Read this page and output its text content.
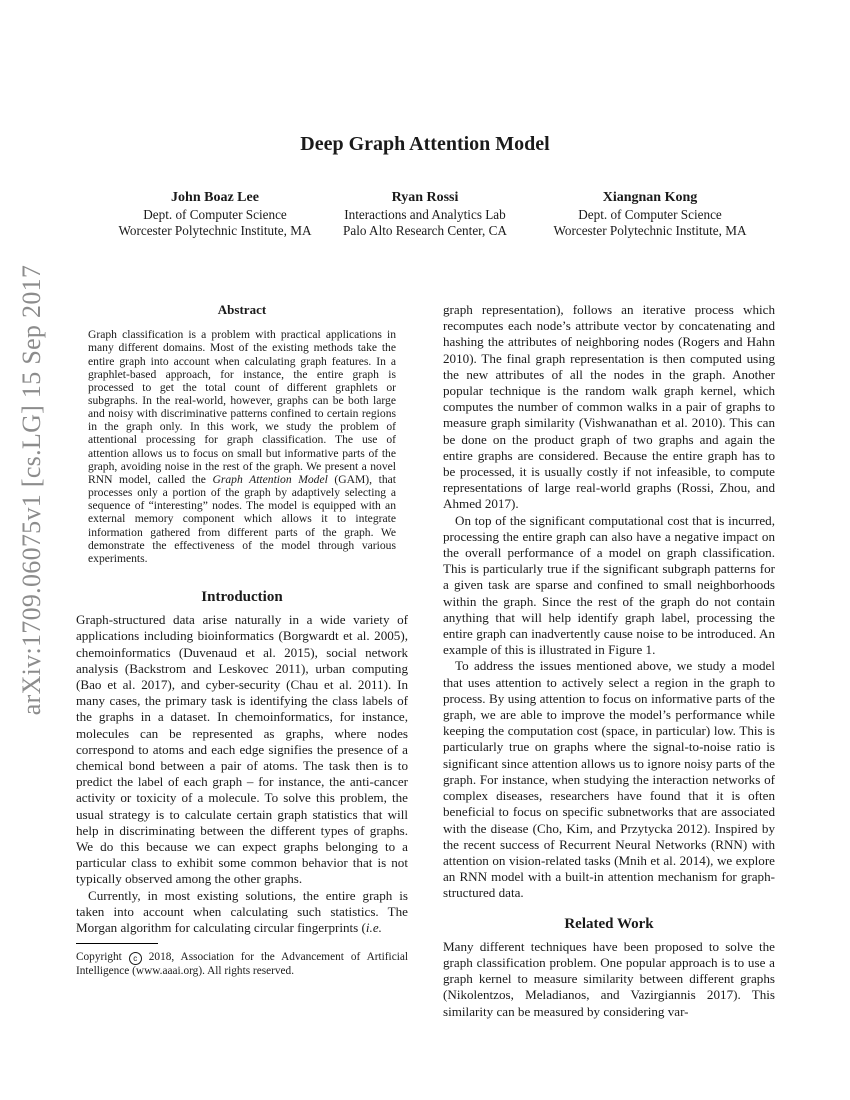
arXiv:1709.06075v1 [cs.LG] 15 Sep 2017
Deep Graph Attention Model
John Boaz Lee
Dept. of Computer Science
Worcester Polytechnic Institute, MA
Ryan Rossi
Interactions and Analytics Lab
Palo Alto Research Center, CA
Xiangnan Kong
Dept. of Computer Science
Worcester Polytechnic Institute, MA
Abstract

Graph classification is a problem with practical applications in many different domains. Most of the existing methods take the entire graph into account when calculating graph features. In a graphlet-based approach, for instance, the entire graph is processed to get the total count of different graphlets or subgraphs. In the real-world, however, graphs can be both large and noisy with discriminative patterns confined to certain regions in the graph only. In this work, we study the problem of attentional processing for graph classification. The use of attention allows us to focus on small but informative parts of the graph, avoiding noise in the rest of the graph. We present a novel RNN model, called the Graph Attention Model (GAM), that processes only a portion of the graph by adaptively selecting a sequence of “interesting” nodes. The model is equipped with an external memory component which allows it to integrate information gathered from different parts of the graph. We demonstrate the effectiveness of the model through various experiments.

Introduction

Graph-structured data arise naturally in a wide variety of applications including bioinformatics (Borgwardt et al. 2005), chemoinformatics (Duvenaud et al. 2015), social network analysis (Backstrom and Leskovec 2011), urban computing (Bao et al. 2017), and cyber-security (Chau et al. 2011). In many cases, the primary task is identifying the class labels of the graphs in a dataset. In chemoinformatics, for instance, molecules can be represented as graphs, where nodes correspond to atoms and each edge signifies the presence of a chemical bond between a pair of atoms. The task then is to predict the label of each graph – for instance, the anti-cancer activity or toxicity of a molecule. To solve this problem, the usual strategy is to calculate certain graph statistics that will help in discriminating between the different types of graphs. We do this because we can expect graphs belonging to a particular class to exhibit some common behavior that is not typically observed among the other graphs.

Currently, in most existing solutions, the entire graph is taken into account when calculating such statistics. The Morgan algorithm for calculating circular fingerprints (i.e.

Copyright c 2018, Association for the Advancement of Artificial Intelligence (www.aaai.org). All rights reserved.

graph representation), follows an iterative process which recomputes each node’s attribute vector by concatenating and hashing the attributes of neighboring nodes (Rogers and Hahn 2010). The final graph representation is then computed using the new attributes of all the nodes in the graph. Another popular technique is the random walk graph kernel, which computes the number of common walks in a pair of graphs to measure graph similarity (Vishwanathan et al. 2010). This can be done on the product graph of two graphs and again the entire graphs are considered. Because the entire graph has to be processed, it is usually costly if not infeasible, to compute representations of large real-world graphs (Rossi, Zhou, and Ahmed 2017).

On top of the significant computational cost that is incurred, processing the entire graph can also have a negative impact on the overall performance of a model on graph classification. This is particularly true if the significant subgraph patterns for a given task are sparse and confined to small neighborhoods within the graph. Since the rest of the graph do not contain anything that will help identify graph label, processing the entire graph can inadvertently cause noise to be introduced. An example of this is illustrated in Figure 1.

To address the issues mentioned above, we study a model that uses attention to actively select a region in the graph to process. By using attention to focus on informative parts of the graph, we are able to improve the model’s performance while keeping the computation cost (space, in particular) low. This is particularly true on graphs where the signal-to-noise ratio is significant since attention allows us to ignore noisy parts of the graph. For instance, when studying the interaction networks of complex diseases, researchers have found that it is often beneficial to focus on specific subnetworks that are associated with the disease (Cho, Kim, and Przytycka 2012). Inspired by the recent success of Recurrent Neural Networks (RNN) with attention on vision-related tasks (Mnih et al. 2014), we explore an RNN model with a built-in attention mechanism for graph-structured data.

Related Work

Many different techniques have been proposed to solve the graph classification problem. One popular approach is to use a graph kernel to measure similarity between different graphs (Nikolentzos, Meladianos, and Vazirgiannis 2017). This similarity can be measured by considering var-
